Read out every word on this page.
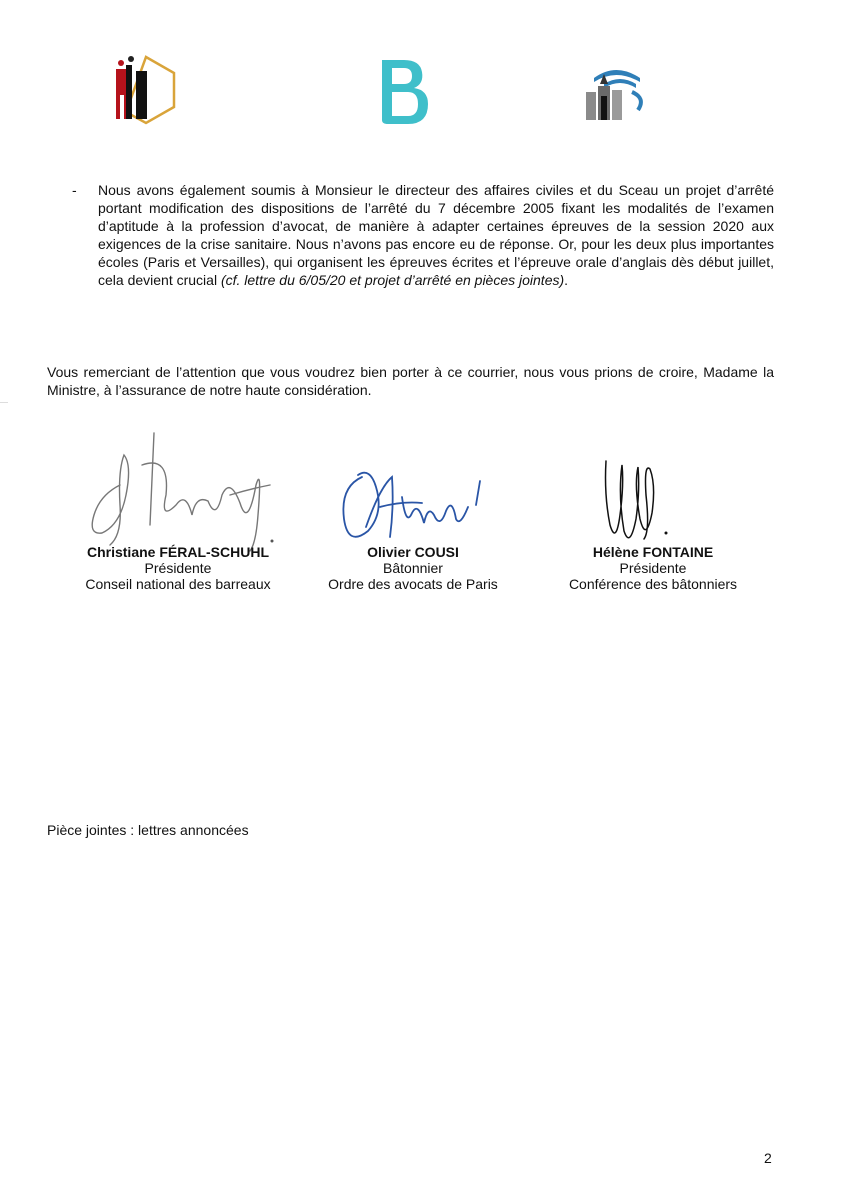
- Nous avons également soumis à Monsieur le directeur des affaires civiles et du Sceau un projet d’arrêté portant modification des dispositions de l’arrêté du 7 décembre 2005 fixant les modalités de l’examen d’aptitude à la profession d’avocat, de manière à adapter certaines épreuves de la session 2020 aux exigences de la crise sanitaire. Nous n’avons pas encore eu de réponse. Or, pour les deux plus importantes écoles (Paris et Versailles), qui organisent les épreuves écrites et l’épreuve orale d’anglais dès début juillet, cela devient crucial (cf. lettre du 6/05/20 et projet d’arrêté en pièces jointes).

Vous remerciant de l’attention que vous voudrez bien porter à ce courrier, nous vous prions de croire, Madame la Ministre, à l’assurance de notre haute considération.

Christiane FÉRAL-SCHUHL
Présidente
Conseil national des barreaux
Olivier COUSI
Bâtonnier
Ordre des avocats de Paris
Hélène FONTAINE
Présidente
Conférence des bâtonniers
Pièce jointes : lettres annoncées
2
